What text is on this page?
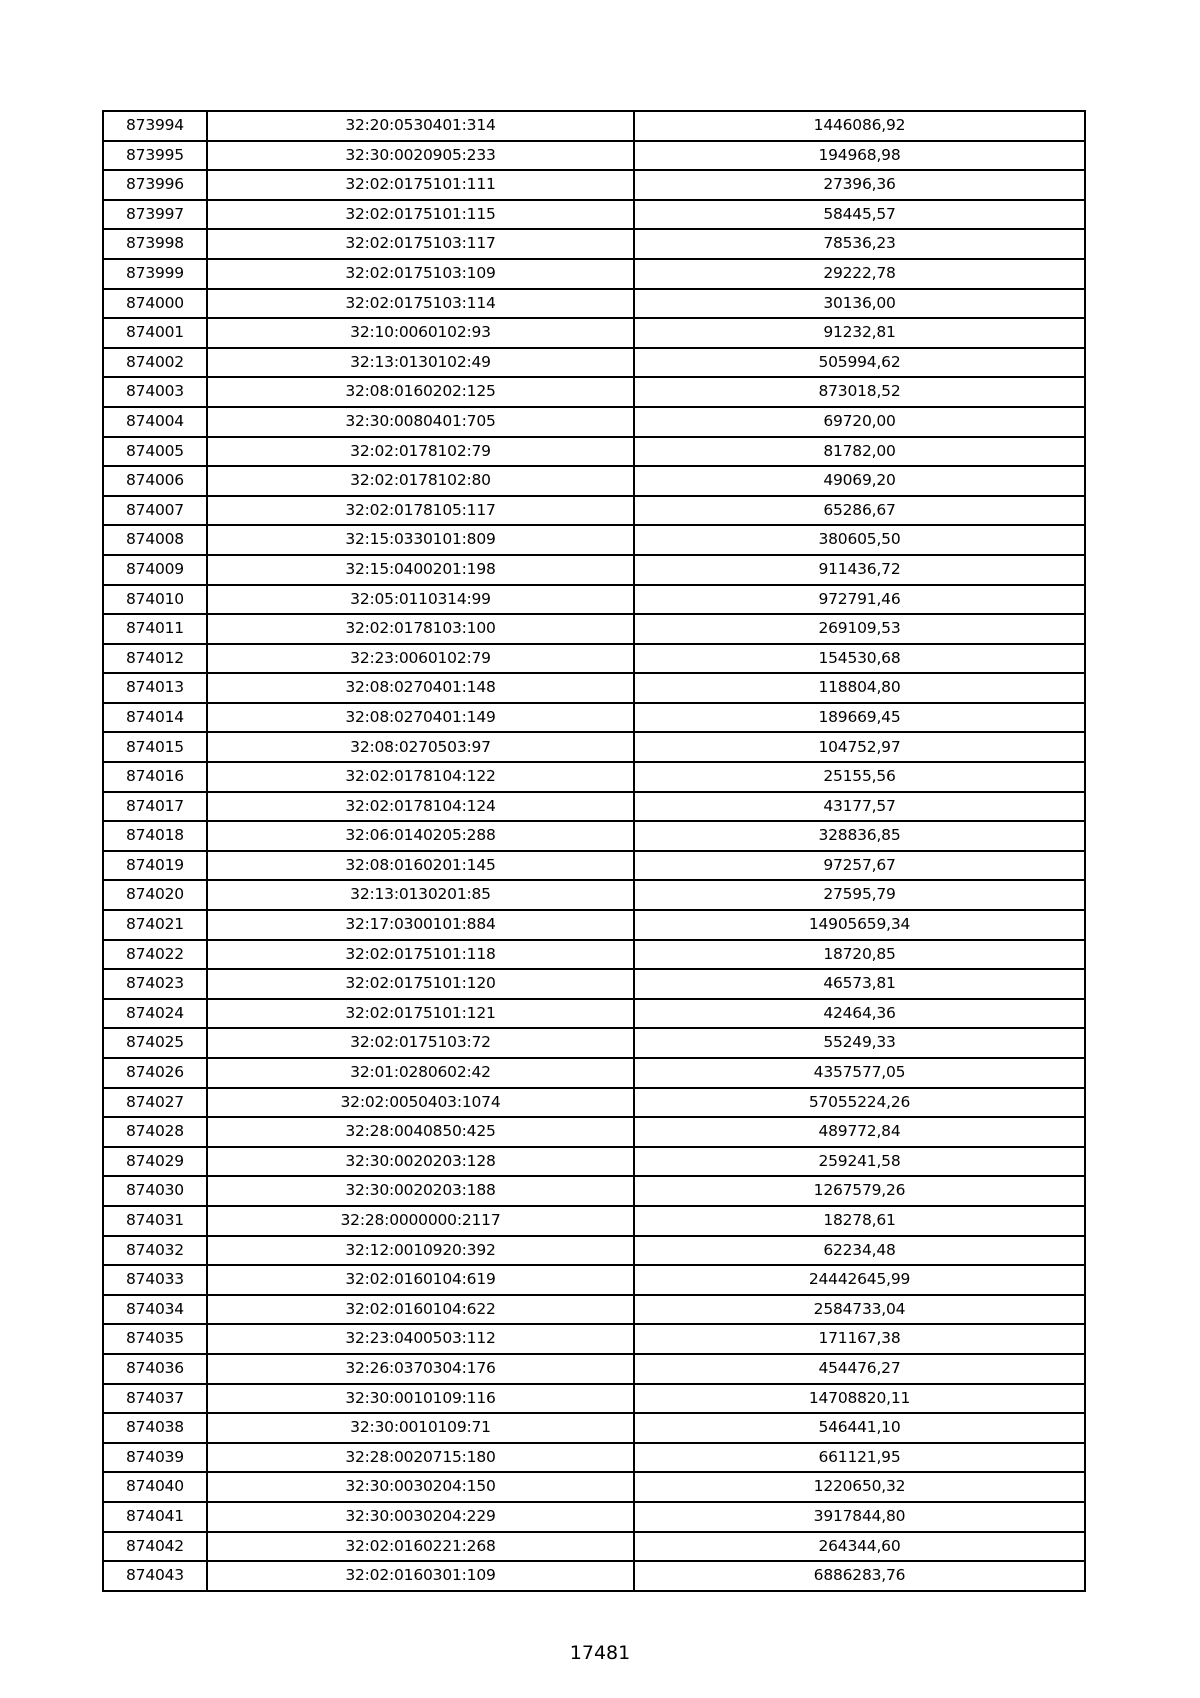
873994	32:20:0530401:314	1446086,92
873995	32:30:0020905:233	194968,98
873996	32:02:0175101:111	27396,36
873997	32:02:0175101:115	58445,57
873998	32:02:0175103:117	78536,23
873999	32:02:0175103:109	29222,78
874000	32:02:0175103:114	30136,00
874001	32:10:0060102:93	91232,81
874002	32:13:0130102:49	505994,62
874003	32:08:0160202:125	873018,52
874004	32:30:0080401:705	69720,00
874005	32:02:0178102:79	81782,00
874006	32:02:0178102:80	49069,20
874007	32:02:0178105:117	65286,67
874008	32:15:0330101:809	380605,50
874009	32:15:0400201:198	911436,72
874010	32:05:0110314:99	972791,46
874011	32:02:0178103:100	269109,53
874012	32:23:0060102:79	154530,68
874013	32:08:0270401:148	118804,80
874014	32:08:0270401:149	189669,45
874015	32:08:0270503:97	104752,97
874016	32:02:0178104:122	25155,56
874017	32:02:0178104:124	43177,57
874018	32:06:0140205:288	328836,85
874019	32:08:0160201:145	97257,67
874020	32:13:0130201:85	27595,79
874021	32:17:0300101:884	14905659,34
874022	32:02:0175101:118	18720,85
874023	32:02:0175101:120	46573,81
874024	32:02:0175101:121	42464,36
874025	32:02:0175103:72	55249,33
874026	32:01:0280602:42	4357577,05
874027	32:02:0050403:1074	57055224,26
874028	32:28:0040850:425	489772,84
874029	32:30:0020203:128	259241,58
874030	32:30:0020203:188	1267579,26
874031	32:28:0000000:2117	18278,61
874032	32:12:0010920:392	62234,48
874033	32:02:0160104:619	24442645,99
874034	32:02:0160104:622	2584733,04
874035	32:23:0400503:112	171167,38
874036	32:26:0370304:176	454476,27
874037	32:30:0010109:116	14708820,11
874038	32:30:0010109:71	546441,10
874039	32:28:0020715:180	661121,95
874040	32:30:0030204:150	1220650,32
874041	32:30:0030204:229	3917844,80
874042	32:02:0160221:268	264344,60
874043	32:02:0160301:109	6886283,76
17481
